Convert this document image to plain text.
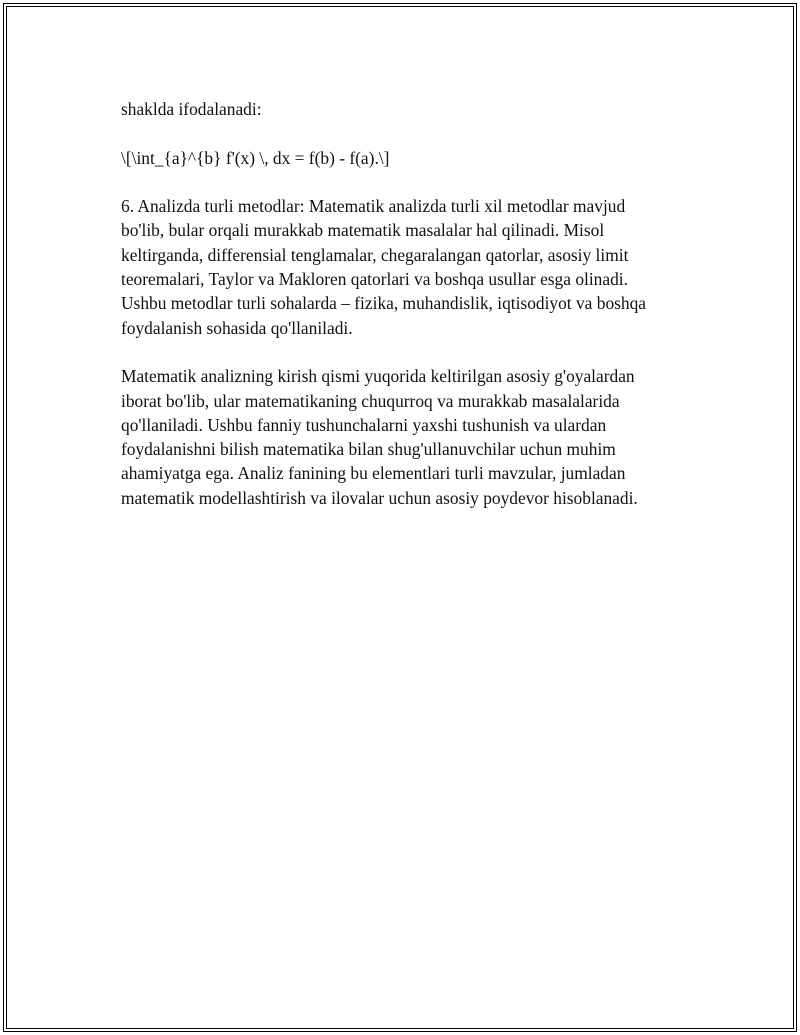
shaklda ifodalanadi:

\[\int_{a}^{b} f'(x) \, dx = f(b) - f(a).\]

6. Analizda turli metodlar: Matematik analizda turli xil metodlar mavjud
bo'lib, bular orqali murakkab matematik masalalar hal qilinadi. Misol
keltirganda, differensial tenglamalar, chegaralangan qatorlar, asosiy limit
teoremalari, Taylor va Makloren qatorlari va boshqa usullar esga olinadi.
Ushbu metodlar turli sohalarda – fizika, muhandislik, iqtisodiyot va boshqa
foydalanish sohasida qo'llaniladi.

Matematik analizning kirish qismi yuqorida keltirilgan asosiy g'oyalardan
iborat bo'lib, ular matematikaning chuqurroq va murakkab masalalarida
qo'llaniladi. Ushbu fanniy tushunchalarni yaxshi tushunish va ulardan
foydalanishni bilish matematika bilan shug'ullanuvchilar uchun muhim
ahamiyatga ega. Analiz fanining bu elementlari turli mavzular, jumladan
matematik modellashtirish va ilovalar uchun asosiy poydevor hisoblanadi.
